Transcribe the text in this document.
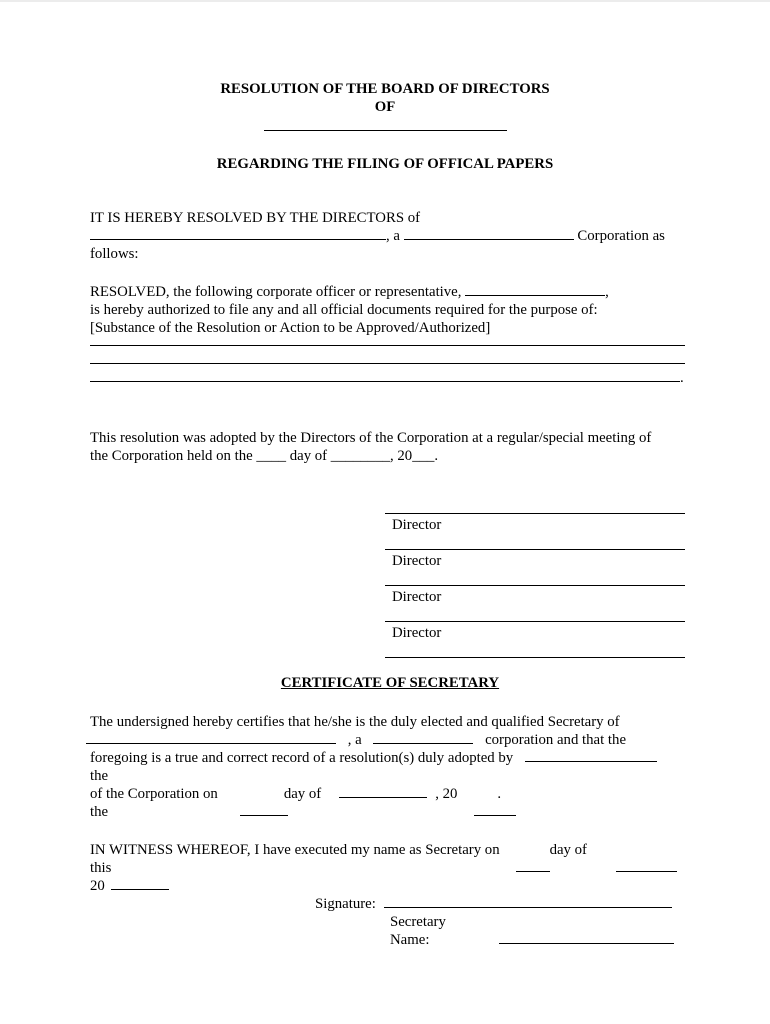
RESOLUTION OF THE BOARD OF DIRECTORS
OF
REGARDING THE FILING OF OFFICAL PAPERS
IT IS HEREBY RESOLVED BY THE DIRECTORS of
, a	Corporation as
follows:
RESOLVED, the following corporate officer or representative,	,
is hereby authorized to file any and all official documents required for the purpose of:
[Substance of the Resolution or Action to be Approved/Authorized]
.
This resolution was adopted by the Directors of the Corporation at a regular/special meeting of
the Corporation held on the ____ day of ________, 20___.
Director
Director
Director
Director
CERTIFICATE OF SECRETARY
The undersigned hereby certifies that he/she is the duly elected and qualified Secretary of
, a	corporation and that the
foregoing is a true and correct record of a resolution(s) duly adopted by
the
of the Corporation on	day of	, 20	.
the
IN WITNESS WHEREOF, I have executed my name as Secretary on	day of
this
20
Signature:
Secretary
Name:
